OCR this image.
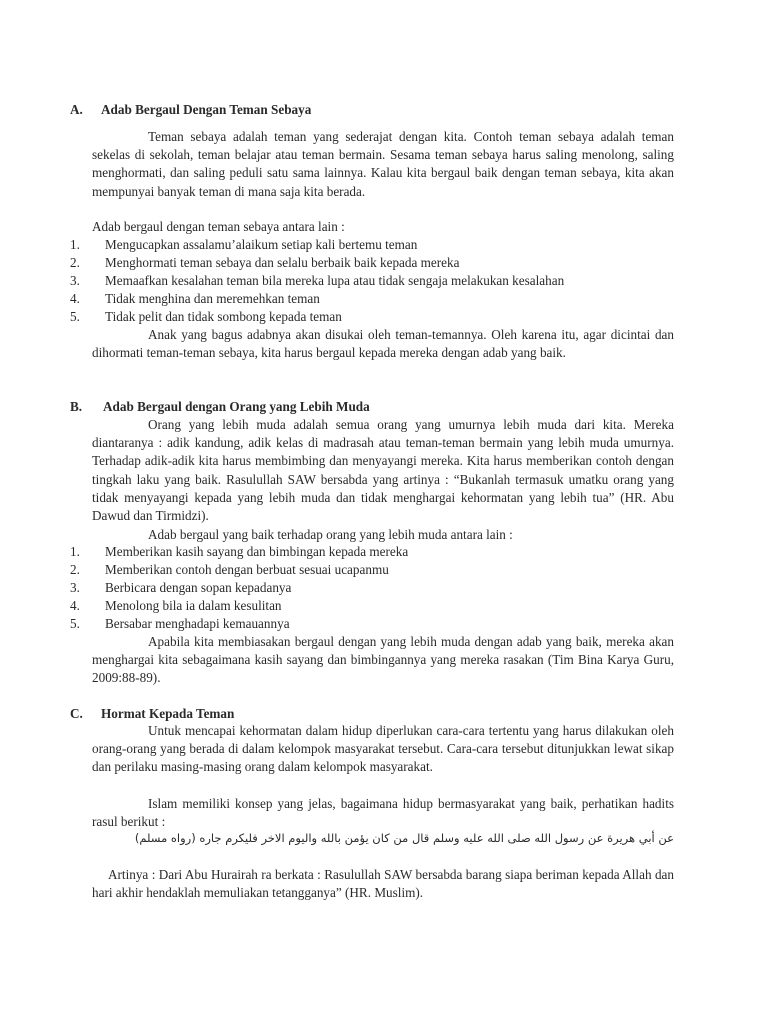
A. Adab Bergaul Dengan Teman Sebaya

Teman sebaya adalah teman yang sederajat dengan kita. Contoh teman sebaya adalah teman sekelas di sekolah, teman belajar atau teman bermain. Sesama teman sebaya harus saling menolong, saling menghormati, dan saling peduli satu sama lainnya. Kalau kita bergaul baik dengan teman sebaya, kita akan mempunyai banyak teman di mana saja kita berada.

Adab bergaul dengan teman sebaya antara lain :
1. Mengucapkan assalamu’alaikum setiap kali bertemu teman
2. Menghormati teman sebaya dan selalu berbaik baik kepada mereka
3. Memaafkan kesalahan teman bila mereka lupa atau tidak sengaja melakukan kesalahan
4. Tidak menghina dan meremehkan teman
5. Tidak pelit dan tidak sombong kepada teman

Anak yang bagus adabnya akan disukai oleh teman-temannya. Oleh karena itu, agar dicintai dan dihormati teman-teman sebaya, kita harus bergaul kepada mereka dengan adab yang baik.

B. Adab Bergaul dengan Orang yang Lebih Muda

Orang yang lebih muda adalah semua orang yang umurnya lebih muda dari kita. Mereka diantaranya : adik kandung, adik kelas di madrasah atau teman-teman bermain yang lebih muda umurnya. Terhadap adik-adik kita harus membimbing dan menyayangi mereka. Kita harus memberikan contoh dengan tingkah laku yang baik. Rasulullah SAW bersabda yang artinya : “Bukanlah termasuk umatku orang yang tidak menyayangi kepada yang lebih muda dan tidak menghargai kehormatan yang lebih tua” (HR. Abu Dawud dan Tirmidzi).

Adab bergaul yang baik terhadap orang yang lebih muda antara lain :
1. Memberikan kasih sayang dan bimbingan kepada mereka
2. Memberikan contoh dengan berbuat sesuai ucapanmu
3. Berbicara dengan sopan kepadanya
4. Menolong bila ia dalam kesulitan
5. Bersabar menghadapi kemauannya

Apabila kita membiasakan bergaul dengan yang lebih muda dengan adab yang baik, mereka akan menghargai kita sebagaimana kasih sayang dan bimbingannya yang mereka rasakan (Tim Bina Karya Guru, 2009:88-89).

C. Hormat Kepada Teman

Untuk mencapai kehormatan dalam hidup diperlukan cara-cara tertentu yang harus dilakukan oleh orang-orang yang berada di dalam kelompok masyarakat tersebut. Cara-cara tersebut ditunjukkan lewat sikap dan perilaku masing-masing orang dalam kelompok masyarakat.

Islam memiliki konsep yang jelas, bagaimana hidup bermasyarakat yang baik, perhatikan hadits rasul berikut :

عن أبي هريرة عن رسول الله صلى الله عليه وسلم قال من كان يؤمن بالله واليوم الاخر فليكرم جاره (رواه مسلم)

Artinya : Dari Abu Hurairah ra berkata : Rasulullah SAW bersabda barang siapa beriman kepada Allah dan hari akhir hendaklah memuliakan tetangganya” (HR. Muslim).
